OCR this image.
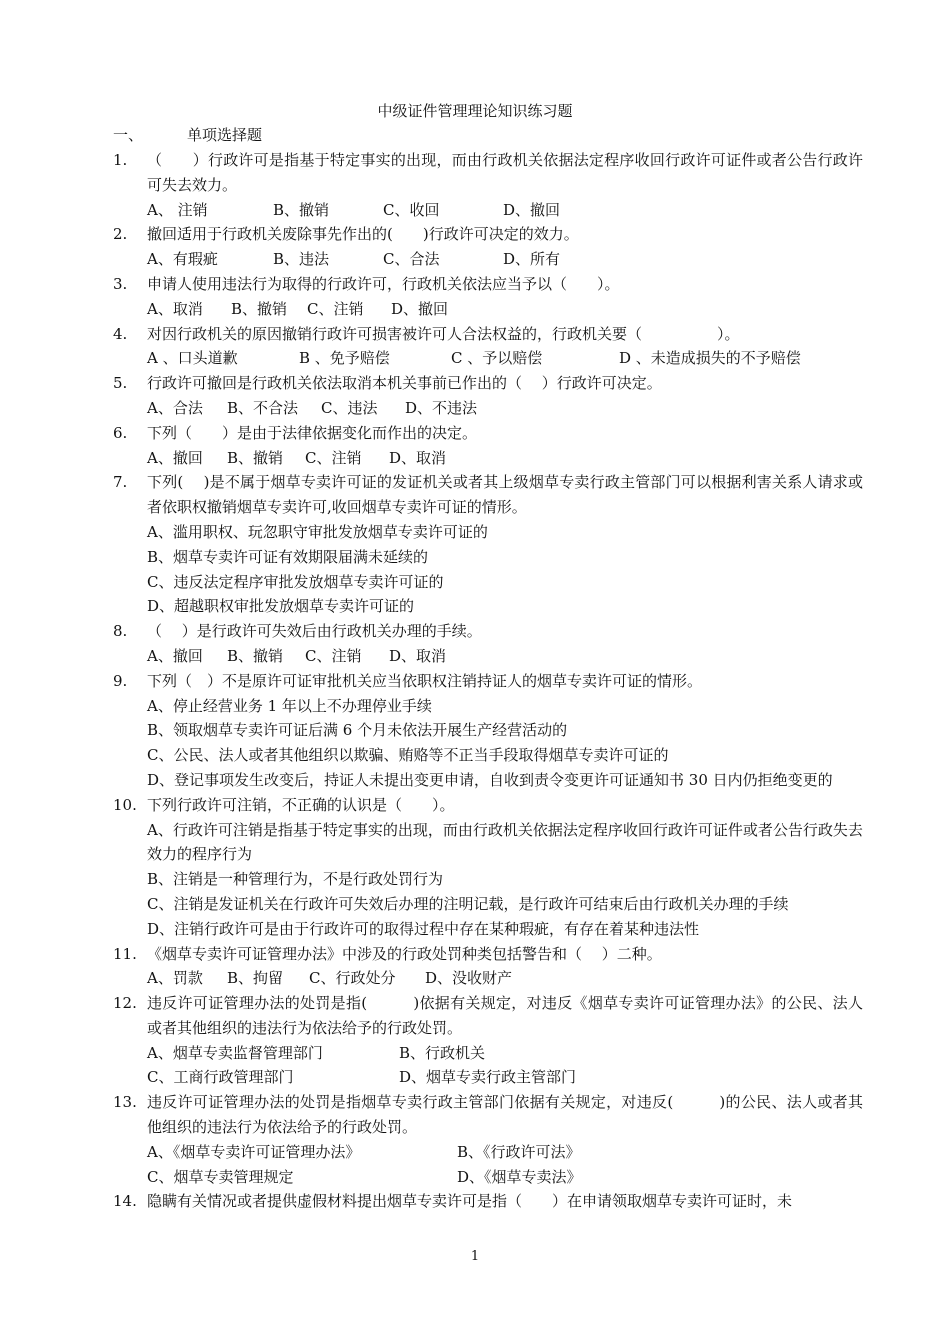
中级证件管理理论知识练习题
一、	单项选择题
1.	（　　）行政许可是指基于特定事实的出现，而由行政机关依据法定程序收回行政许可证件或者公告行政许可失去效力。
A、 注销	B、撤销	C、收回	D、撤回
2.	撤回适用于行政机关废除事先作出的(　　)行政许可决定的效力。
A、有瑕疵	B、违法	C、合法	D、所有
3.	申请人使用违法行为取得的行政许可，行政机关依法应当予以（　　）。
A、取消 B、撤销 C、注销 D、撤回
4.	对因行政机关的原因撤销行政许可损害被许可人合法权益的，行政机关要（　　　　　）。
A 、口头道歉	B 、免予赔偿	C 、予以赔偿	D 、未造成损失的不予赔偿
5.	行政许可撤回是行政机关依法取消本机关事前已作出的（　 ）行政许可决定。
A、合法 B、不合法 C、违法 D、不违法
6.	下列（　　）是由于法律依据变化而作出的决定。
A、撤回 B、撤销 C、注销 D、取消
7.	下列(　 )是不属于烟草专卖许可证的发证机关或者其上级烟草专卖行政主管部门可以根据利害关系人请求或者依职权撤销烟草专卖许可,收回烟草专卖许可证的情形。
A、滥用职权、玩忽职守审批发放烟草专卖许可证的
B、烟草专卖许可证有效期限届满未延续的
C、违反法定程序审批发放烟草专卖许可证的
D、超越职权审批发放烟草专卖许可证的
8.	（　 ）是行政许可失效后由行政机关办理的手续。
A、撤回 B、撤销 C、注销 D、取消
9.	下列（　）不是原许可证审批机关应当依职权注销持证人的烟草专卖许可证的情形。
A、停止经营业务 1 年以上不办理停业手续
B、领取烟草专卖许可证后满 6 个月未依法开展生产经营活动的
C、公民、法人或者其他组织以欺骗、贿赂等不正当手段取得烟草专卖许可证的
D、登记事项发生改变后，持证人未提出变更申请，自收到责令变更许可证通知书 30 日内仍拒绝变更的
10. 下列行政许可注销，不正确的认识是（　　）。
A、行政许可注销是指基于特定事实的出现，而由行政机关依据法定程序收回行政许可证件或者公告行政失去效力的程序行为
B、注销是一种管理行为，不是行政处罚行为
C、注销是发证机关在行政许可失效后办理的注明记载，是行政许可结束后由行政机关办理的手续
D、注销行政许可是由于行政许可的取得过程中存在某种瑕疵，有存在着某种违法性
11. 《烟草专卖许可证管理办法》中涉及的行政处罚种类包括警告和（　 ）二种。
A、罚款 B、拘留 C、行政处分 D、没收财产
12. 违反许可证管理办法的处罚是指(　　　)依据有关规定，对违反《烟草专卖许可证管理办法》的公民、法人或者其他组织的违法行为依法给予的行政处罚。
A、烟草专卖监督管理部门	B、行政机关
C、工商行政管理部门	D、烟草专卖行政主管部门
13. 违反许可证管理办法的处罚是指烟草专卖行政主管部门依据有关规定，对违反(　　　)的公民、法人或者其他组织的违法行为依法给予的行政处罚。
A、《烟草专卖许可证管理办法》	B、《行政许可法》
C、烟草专卖管理规定	D、《烟草专卖法》
14. 隐瞒有关情况或者提供虚假材料提出烟草专卖许可是指（　　）在申请领取烟草专卖许可证时，未
1
